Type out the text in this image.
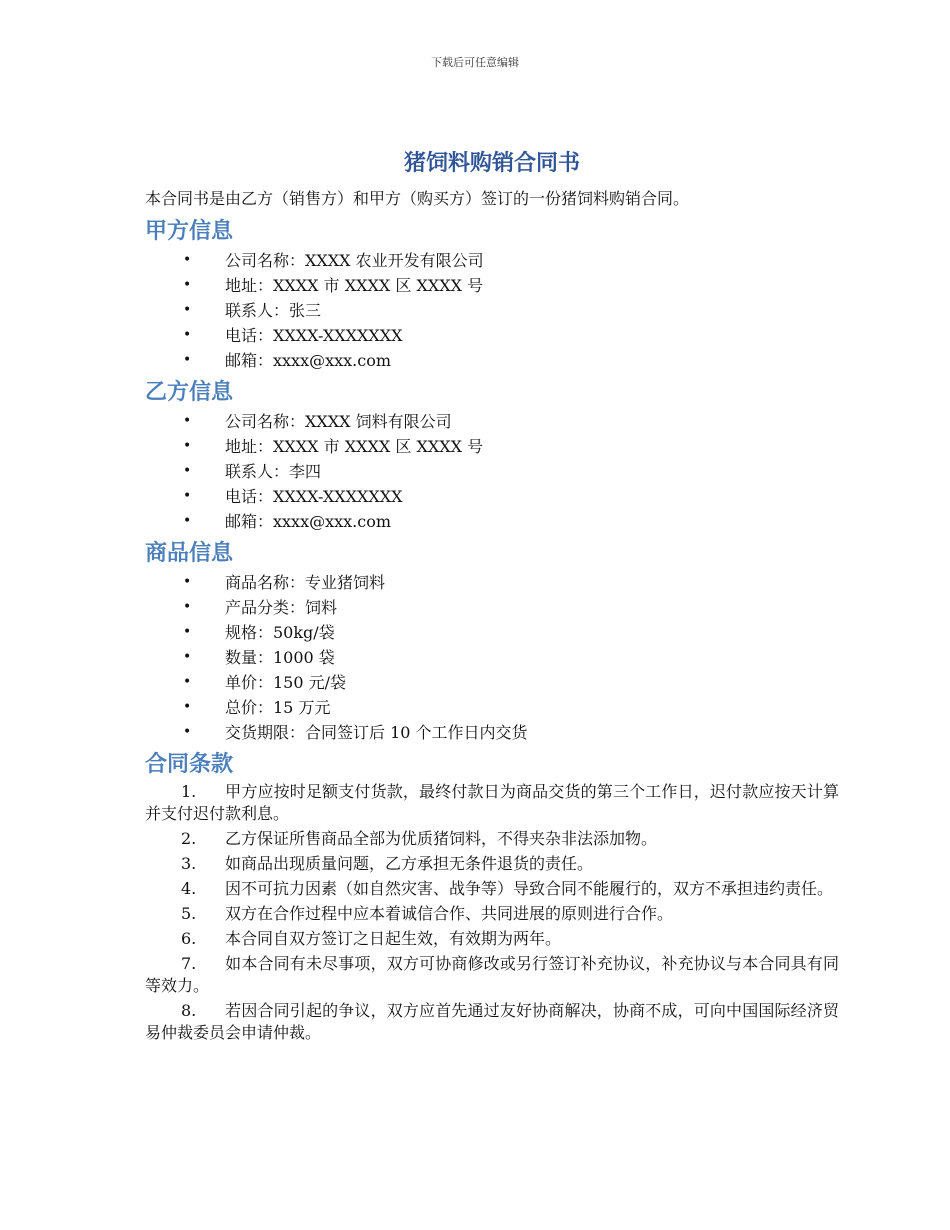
下载后可任意编辑
猪饲料购销合同书

本合同书是由乙方（销售方）和甲方（购买方）签订的一份猪饲料购销合同。

甲方信息
• 公司名称：XXXX 农业开发有限公司
• 地址：XXXX 市 XXXX 区 XXXX 号
• 联系人：张三
• 电话：XXXX-XXXXXXX
• 邮箱：xxxx@xxx.com
乙方信息
• 公司名称：XXXX 饲料有限公司
• 地址：XXXX 市 XXXX 区 XXXX 号
• 联系人：李四
• 电话：XXXX-XXXXXXX
• 邮箱：xxxx@xxx.com
商品信息
• 商品名称：专业猪饲料
• 产品分类：饲料
• 规格：50kg/袋
• 数量：1000 袋
• 单价：150 元/袋
• 总价：15 万元
• 交货期限：合同签订后 10 个工作日内交货
合同条款
1. 甲方应按时足额支付货款，最终付款日为商品交货的第三个工作日，迟付款应按天计算并支付迟付款利息。
2. 乙方保证所售商品全部为优质猪饲料，不得夹杂非法添加物。
3. 如商品出现质量问题，乙方承担无条件退货的责任。
4. 因不可抗力因素（如自然灾害、战争等）导致合同不能履行的，双方不承担违约责任。
5. 双方在合作过程中应本着诚信合作、共同进展的原则进行合作。
6. 本合同自双方签订之日起生效，有效期为两年。
7. 如本合同有未尽事项，双方可协商修改或另行签订补充协议，补充协议与本合同具有同等效力。
8. 若因合同引起的争议，双方应首先通过友好协商解决，协商不成，可向中国国际经济贸易仲裁委员会申请仲裁。
